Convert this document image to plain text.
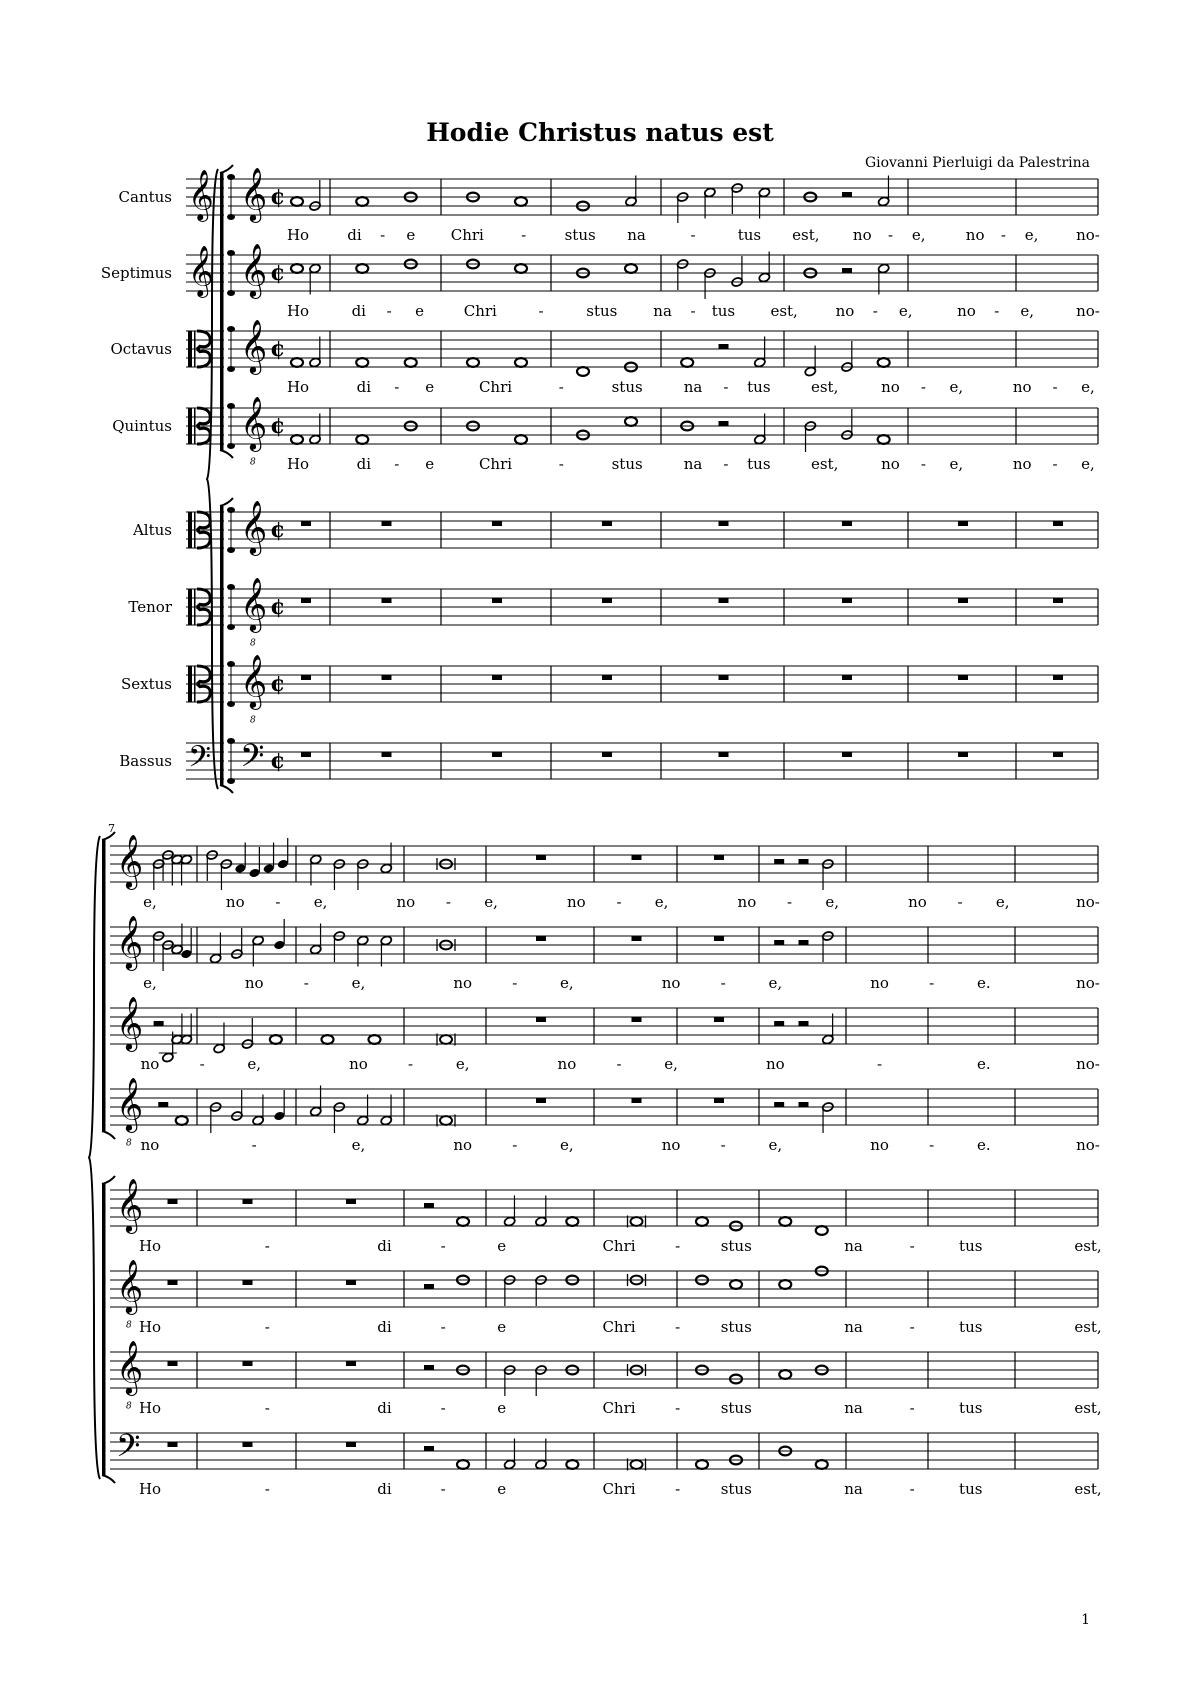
Hodie Christus natus est
Giovanni Pierluigi da Palestrina
1
Cantus 𝄞 𝄞 ¢
Ho	di - e Chri -	stus na	-	tus est, no - e,	no - e,	no-
Septimus 𝄞 𝄞 ¢
Ho	di - e	Chri	-	stus na - tus est,	no - e,	no - e,	no-
Octavus 𝄞 ¢
Ho	di - e	Chri	-	stus	na - tus	est,	no - e,	no - e,
Quintus 𝄞
8
¢
Ho	di - e	Chri	-	stus	na - tus	est,	no - e,	no - e,
Altus 𝄞 ¢
Tenor 𝄞
8
¢
Sextus 𝄞
8
¢
Bassus 𝄢 𝄢 ¢
7
𝄞
e,	no - e,	no - e,	no - e,	no - e,	no - e,	no-
𝄞
e,	no	-	e,	no	-	e,	no	-	e,	no	-	e.	no-
𝄞
no	-	e,	no	-	e,	no	-	e,	no	-	e.	no-
𝄞
8 no	-	e,	no	-	e,	no	-	e,	no	-	e.	no-
𝄞
Ho	-	di	-	e	Chri	-	stus	na	-	tus	est,
𝄞
8 Ho	-	di	-	e	Chri	-	stus	na	-	tus	est,
𝄞
8 Ho	-	di	-	e	Chri	-	stus	na	-	tus	est,
𝄢
Ho	-	di	-	e	Chri	-	stus	na	-	tus	est,
